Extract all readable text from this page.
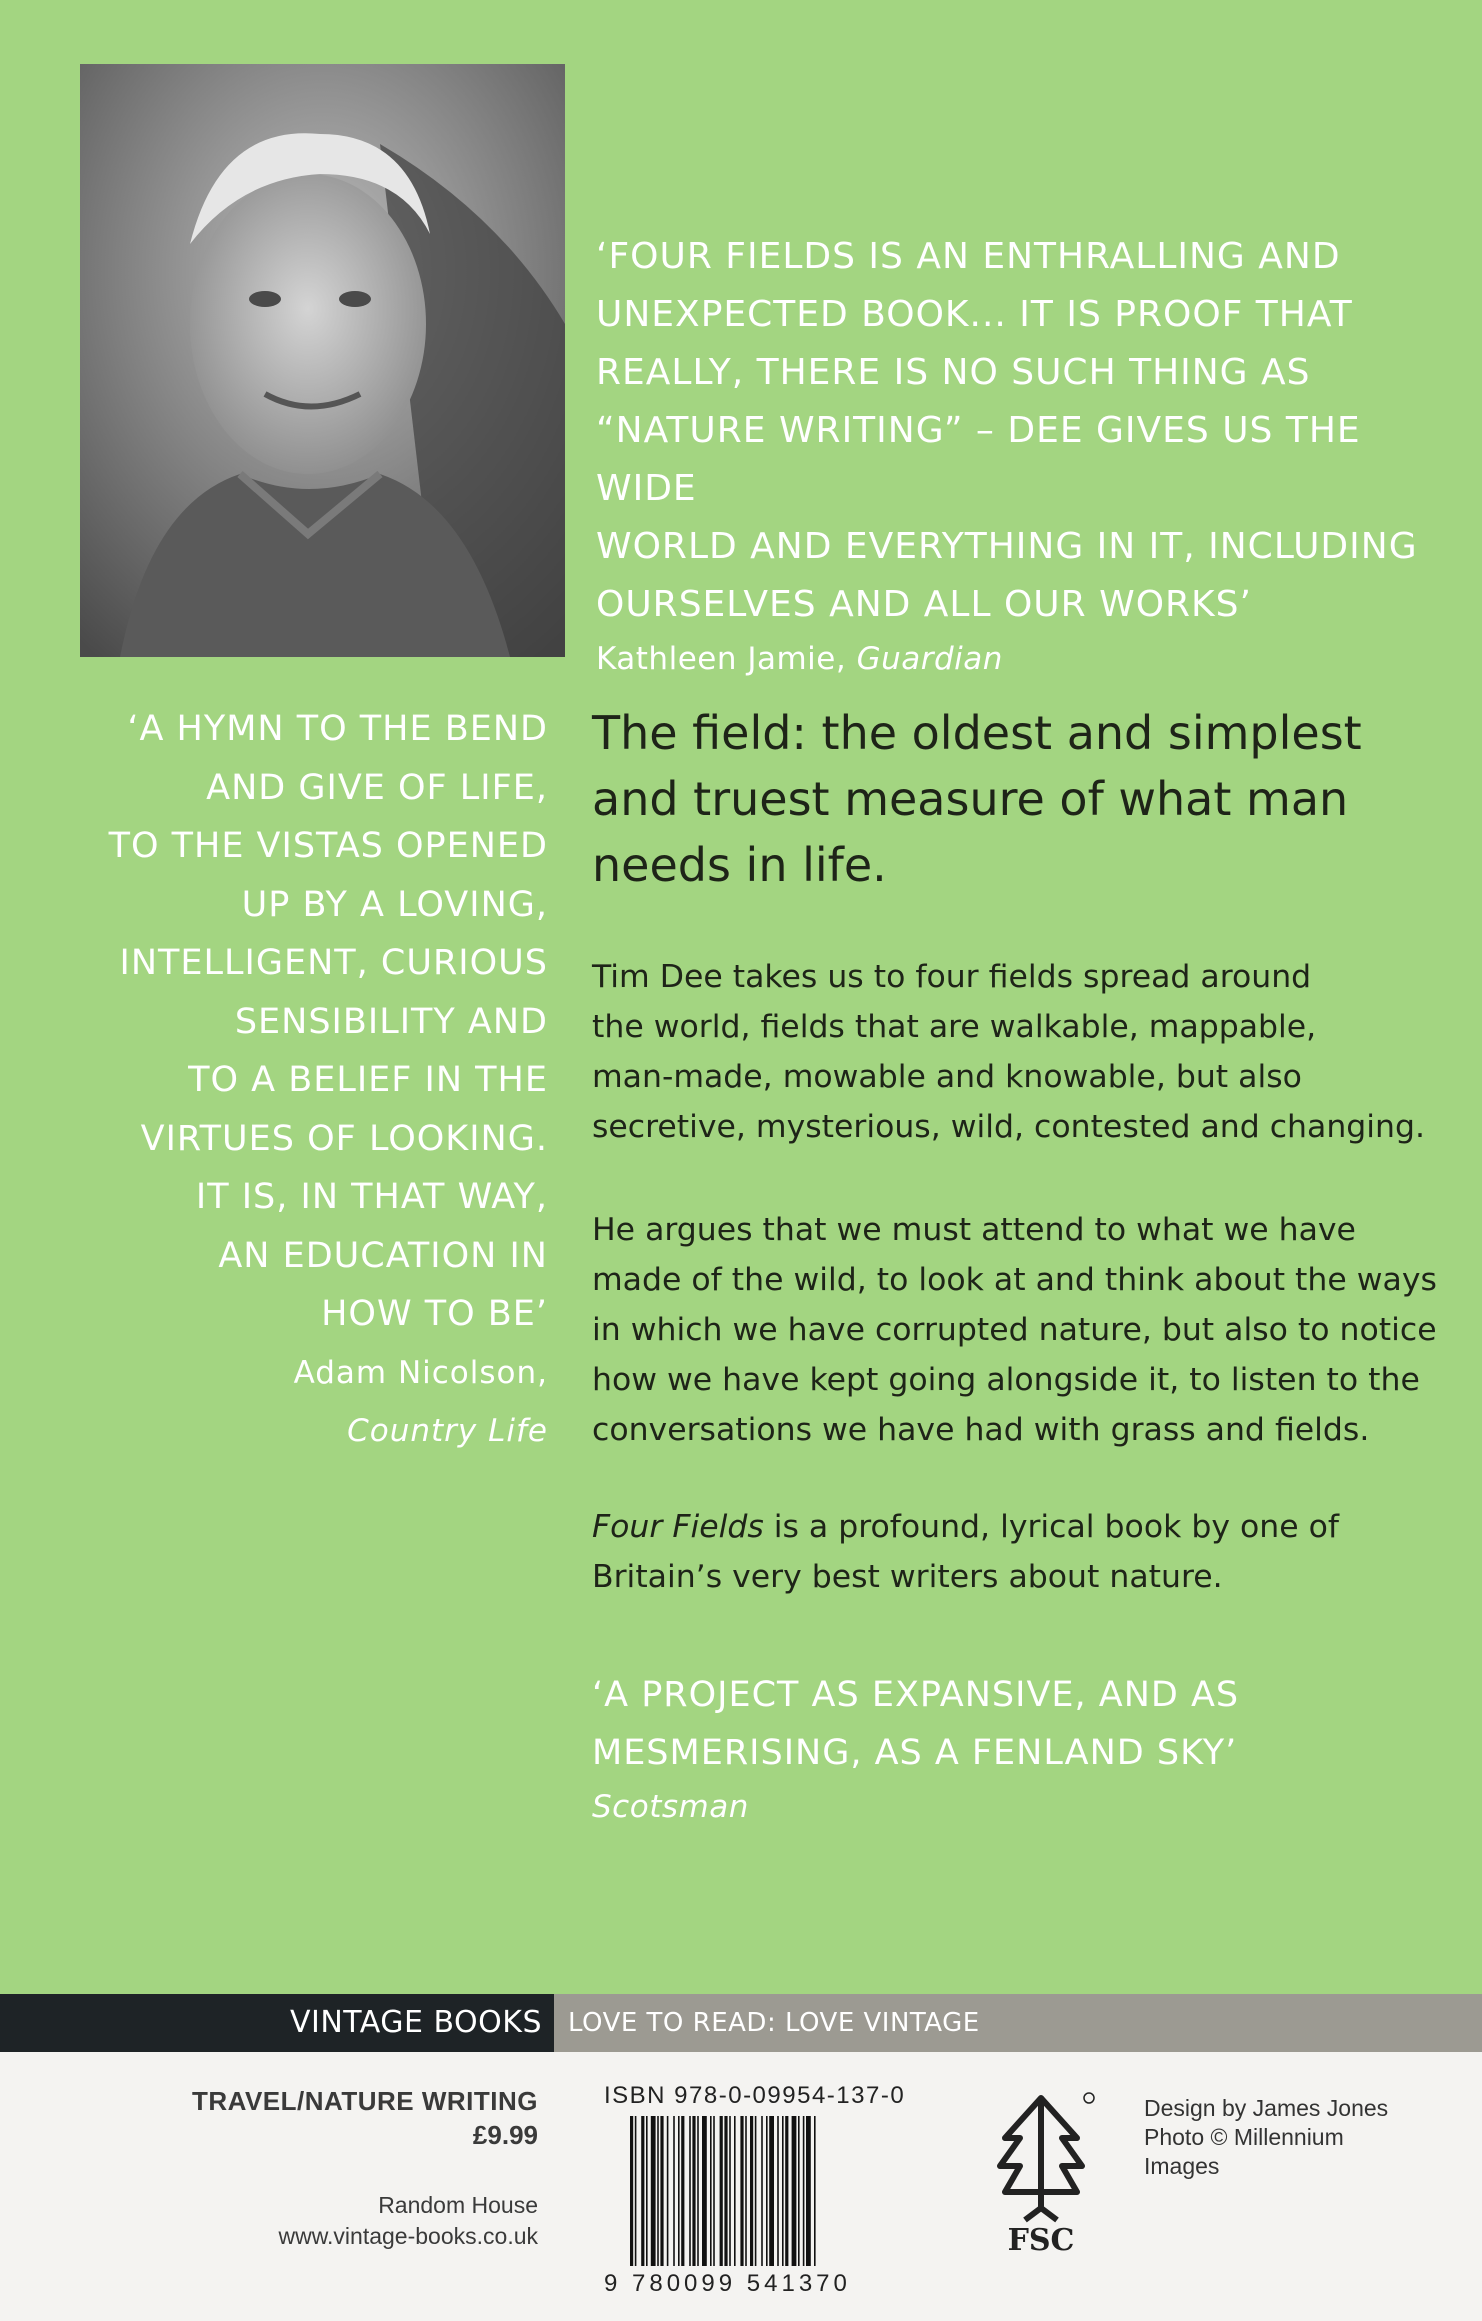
‘FOUR FIELDS IS AN ENTHRALLING AND

UNEXPECTED BOOK... IT IS PROOF THAT

REALLY, THERE IS NO SUCH THING AS

“NATURE WRITING” – DEE GIVES US THE WIDE

WORLD AND EVERYTHING IN IT, INCLUDING

OURSELVES AND ALL OUR WORKS’

Kathleen Jamie, Guardian

‘A HYMN TO THE BEND

AND GIVE OF LIFE,

TO THE VISTAS OPENED

UP BY A LOVING,

INTELLIGENT, CURIOUS

SENSIBILITY AND

TO A BELIEF IN THE

VIRTUES OF LOOKING.

IT IS, IN THAT WAY,

AN EDUCATION IN

HOW TO BE’

Adam Nicolson,
Country Life

The field: the oldest and simplest

and truest measure of what man

needs in life.

Tim Dee takes us to four fields spread around

the world, fields that are walkable, mappable,

man-made, mowable and knowable, but also

secretive, mysterious, wild, contested and changing.

He argues that we must attend to what we have

made of the wild, to look at and think about the ways

in which we have corrupted nature, but also to notice

how we have kept going alongside it, to listen to the

conversations we have had with grass and fields.

Four Fields is a profound, lyrical book by one of

Britain’s very best writers about nature.

‘A PROJECT AS EXPANSIVE, AND AS

MESMERISING, AS A FENLAND SKY’

Scotsman
VINTAGE BOOKS	LOVE TO READ: LOVE VINTAGE
TRAVEL/NATURE WRITING
£9.99
Random House
www.vintage-books.co.uk
ISBN 978-0-09954-137-0
9 780099 541370
FSC
Design by James Jones
Photo © Millennium
Images
